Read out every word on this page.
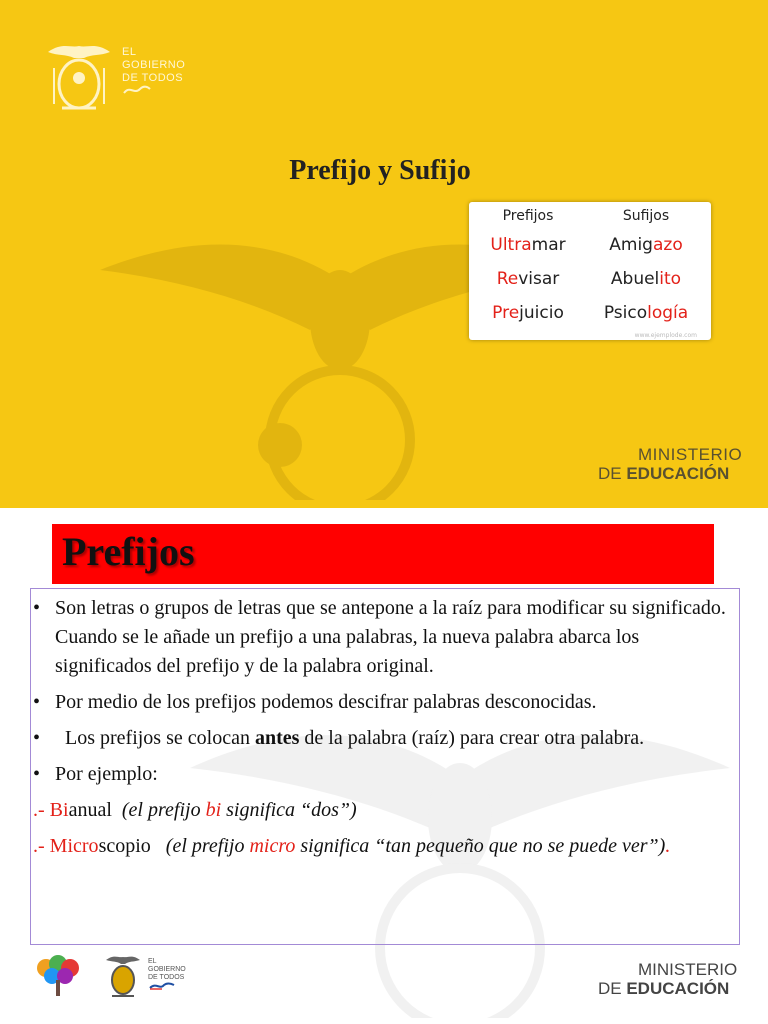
EL
GOBIERNO
DE TODOS
Prefijo y Sufijo
Prefijos
Ultramar
Revisar
Prejuicio
Sufijos
Amigazo
Abuelito
Psicología
www.ejemplode.com
MINISTERIO
DE EDUCACIÓN
Prefijos

• Son letras o grupos de letras que se antepone a la raíz para modificar su significado. Cuando se le añade un prefijo a una palabras, la nueva palabra abarca los significados del prefijo y de la palabra original.

• Por medio de los prefijos podemos descifrar palabras desconocidas.

•  Los prefijos se colocan antes de la palabra (raíz) para crear otra palabra.

• Por ejemplo:

.- Bianual  (el prefijo bi significa “dos”)

.- Microscopio   (el prefijo micro significa “tan pequeño que no se puede ver”).

EL
GOBIERNO
DE TODOS	MINISTERIO
DE EDUCACIÓN
